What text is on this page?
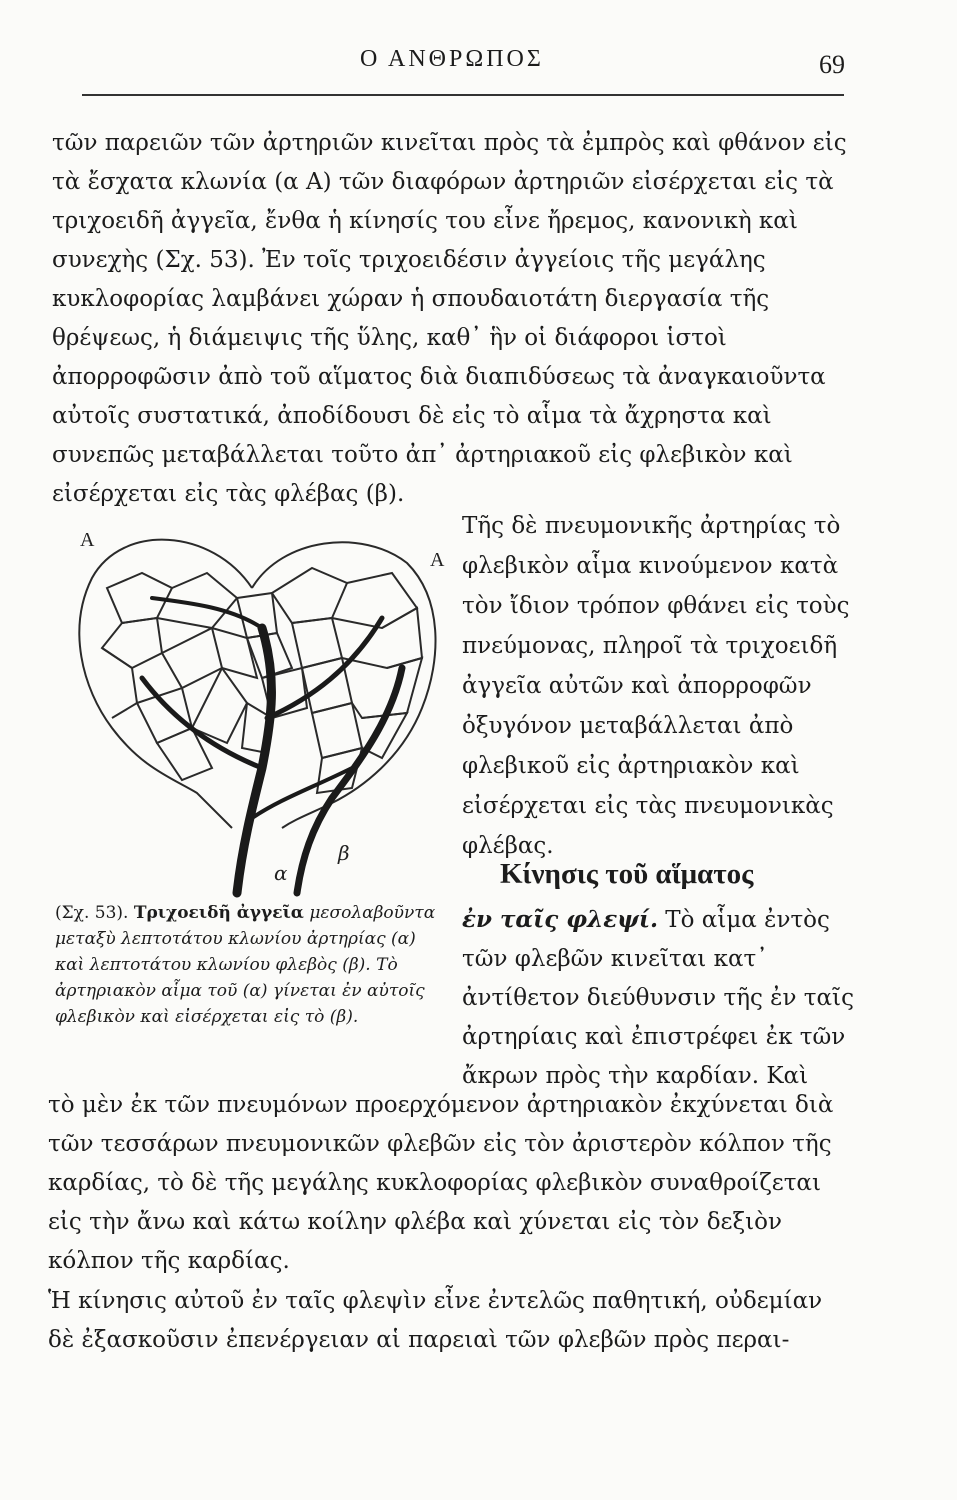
Ο ΑΝΘΡΩΠΟΣ	69

τῶν παρειῶν τῶν ἀρτηριῶν κινεῖται πρὸς τὰ ἐμπρὸς καὶ φθάνον εἰς τὰ ἔσχατα κλωνία (α Α) τῶν διαφόρων ἀρτηριῶν εἰσέρχεται εἰς τὰ τριχοειδῆ ἀγγεῖα, ἔνθα ἡ κίνησίς του εἶνε ἤρεμος, κανονικὴ καὶ συνεχὴς (Σχ. 53). Ἐν τοῖς τριχοειδέσιν ἀγγείοις τῆς μεγάλης κυκλοφορίας λαμβάνει χώραν ἡ σπουδαιοτάτη διεργασία τῆς θρέψεως, ἡ διάμειψις τῆς ὕλης, καθ᾽ ἣν οἱ διάφοροι ἱστοὶ ἀπορροφῶσιν ἀπὸ τοῦ αἵματος διὰ διαπιδύσεως τὰ ἀναγκαιοῦντα αὐτοῖς συστατικά, ἀποδίδουσι δὲ εἰς τὸ αἷμα τὰ ἄχρηστα καὶ συνεπῶς μεταβάλλεται τοῦτο ἀπ᾽ ἀρτηριακοῦ εἰς φλεβικὸν καὶ εἰσέρχεται εἰς τὰς φλέβας (β).

A
A
α
β
(Σχ. 53). Τριχοειδῆ ἀγγεῖα μεσολαβοῦντα μεταξὺ λεπτοτάτου κλωνίου ἀρτηρίας (α) καὶ λεπτοτάτου κλωνίου φλεβὸς (β). Τὸ ἀρτηριακὸν αἷμα τοῦ (α) γίνεται ἐν αὐτοῖς φλεβικὸν καὶ εἰσέρχεται εἰς τὸ (β).

Τῆς δὲ πνευμονικῆς ἀρτηρίας τὸ φλεβικὸν αἷμα κινούμενον κατὰ τὸν ἴδιον τρόπον φθάνει εἰς τοὺς πνεύμονας, πληροῖ τὰ τριχοειδῆ ἀγγεῖα αὐτῶν καὶ ἀπορροφῶν ὀξυγόνον μεταβάλλεται ἀπὸ φλεβικοῦ εἰς ἀρτηριακὸν καὶ εἰσέρχεται εἰς τὰς πνευμονικὰς φλέβας.

Κίνησις τοῦ αἵματος

ἐν ταῖς φλεψί. Τὸ αἷμα ἐντὸς τῶν φλεβῶν κινεῖται κατ᾽ ἀντίθετον διεύθυνσιν τῆς ἐν ταῖς ἀρτηρίαις καὶ ἐπιστρέφει ἐκ τῶν ἄκρων πρὸς τὴν καρδίαν. Καὶ

τὸ μὲν ἐκ τῶν πνευμόνων προερχόμενον ἀρτηριακὸν ἐκχύνεται διὰ τῶν τεσσάρων πνευμονικῶν φλεβῶν εἰς τὸν ἀριστερὸν κόλπον τῆς καρδίας, τὸ δὲ τῆς μεγάλης κυκλοφορίας φλεβικὸν συναθροίζεται εἰς τὴν ἄνω καὶ κάτω κοίλην φλέβα καὶ χύνεται εἰς τὸν δεξιὸν κόλπον τῆς καρδίας.

Ἡ κίνησις αὐτοῦ ἐν ταῖς φλεψὶν εἶνε ἐντελῶς παθητική, οὐδεμίαν δὲ ἐξασκοῦσιν ἐπενέργειαν αἱ παρειαὶ τῶν φλεβῶν πρὸς περαι-
